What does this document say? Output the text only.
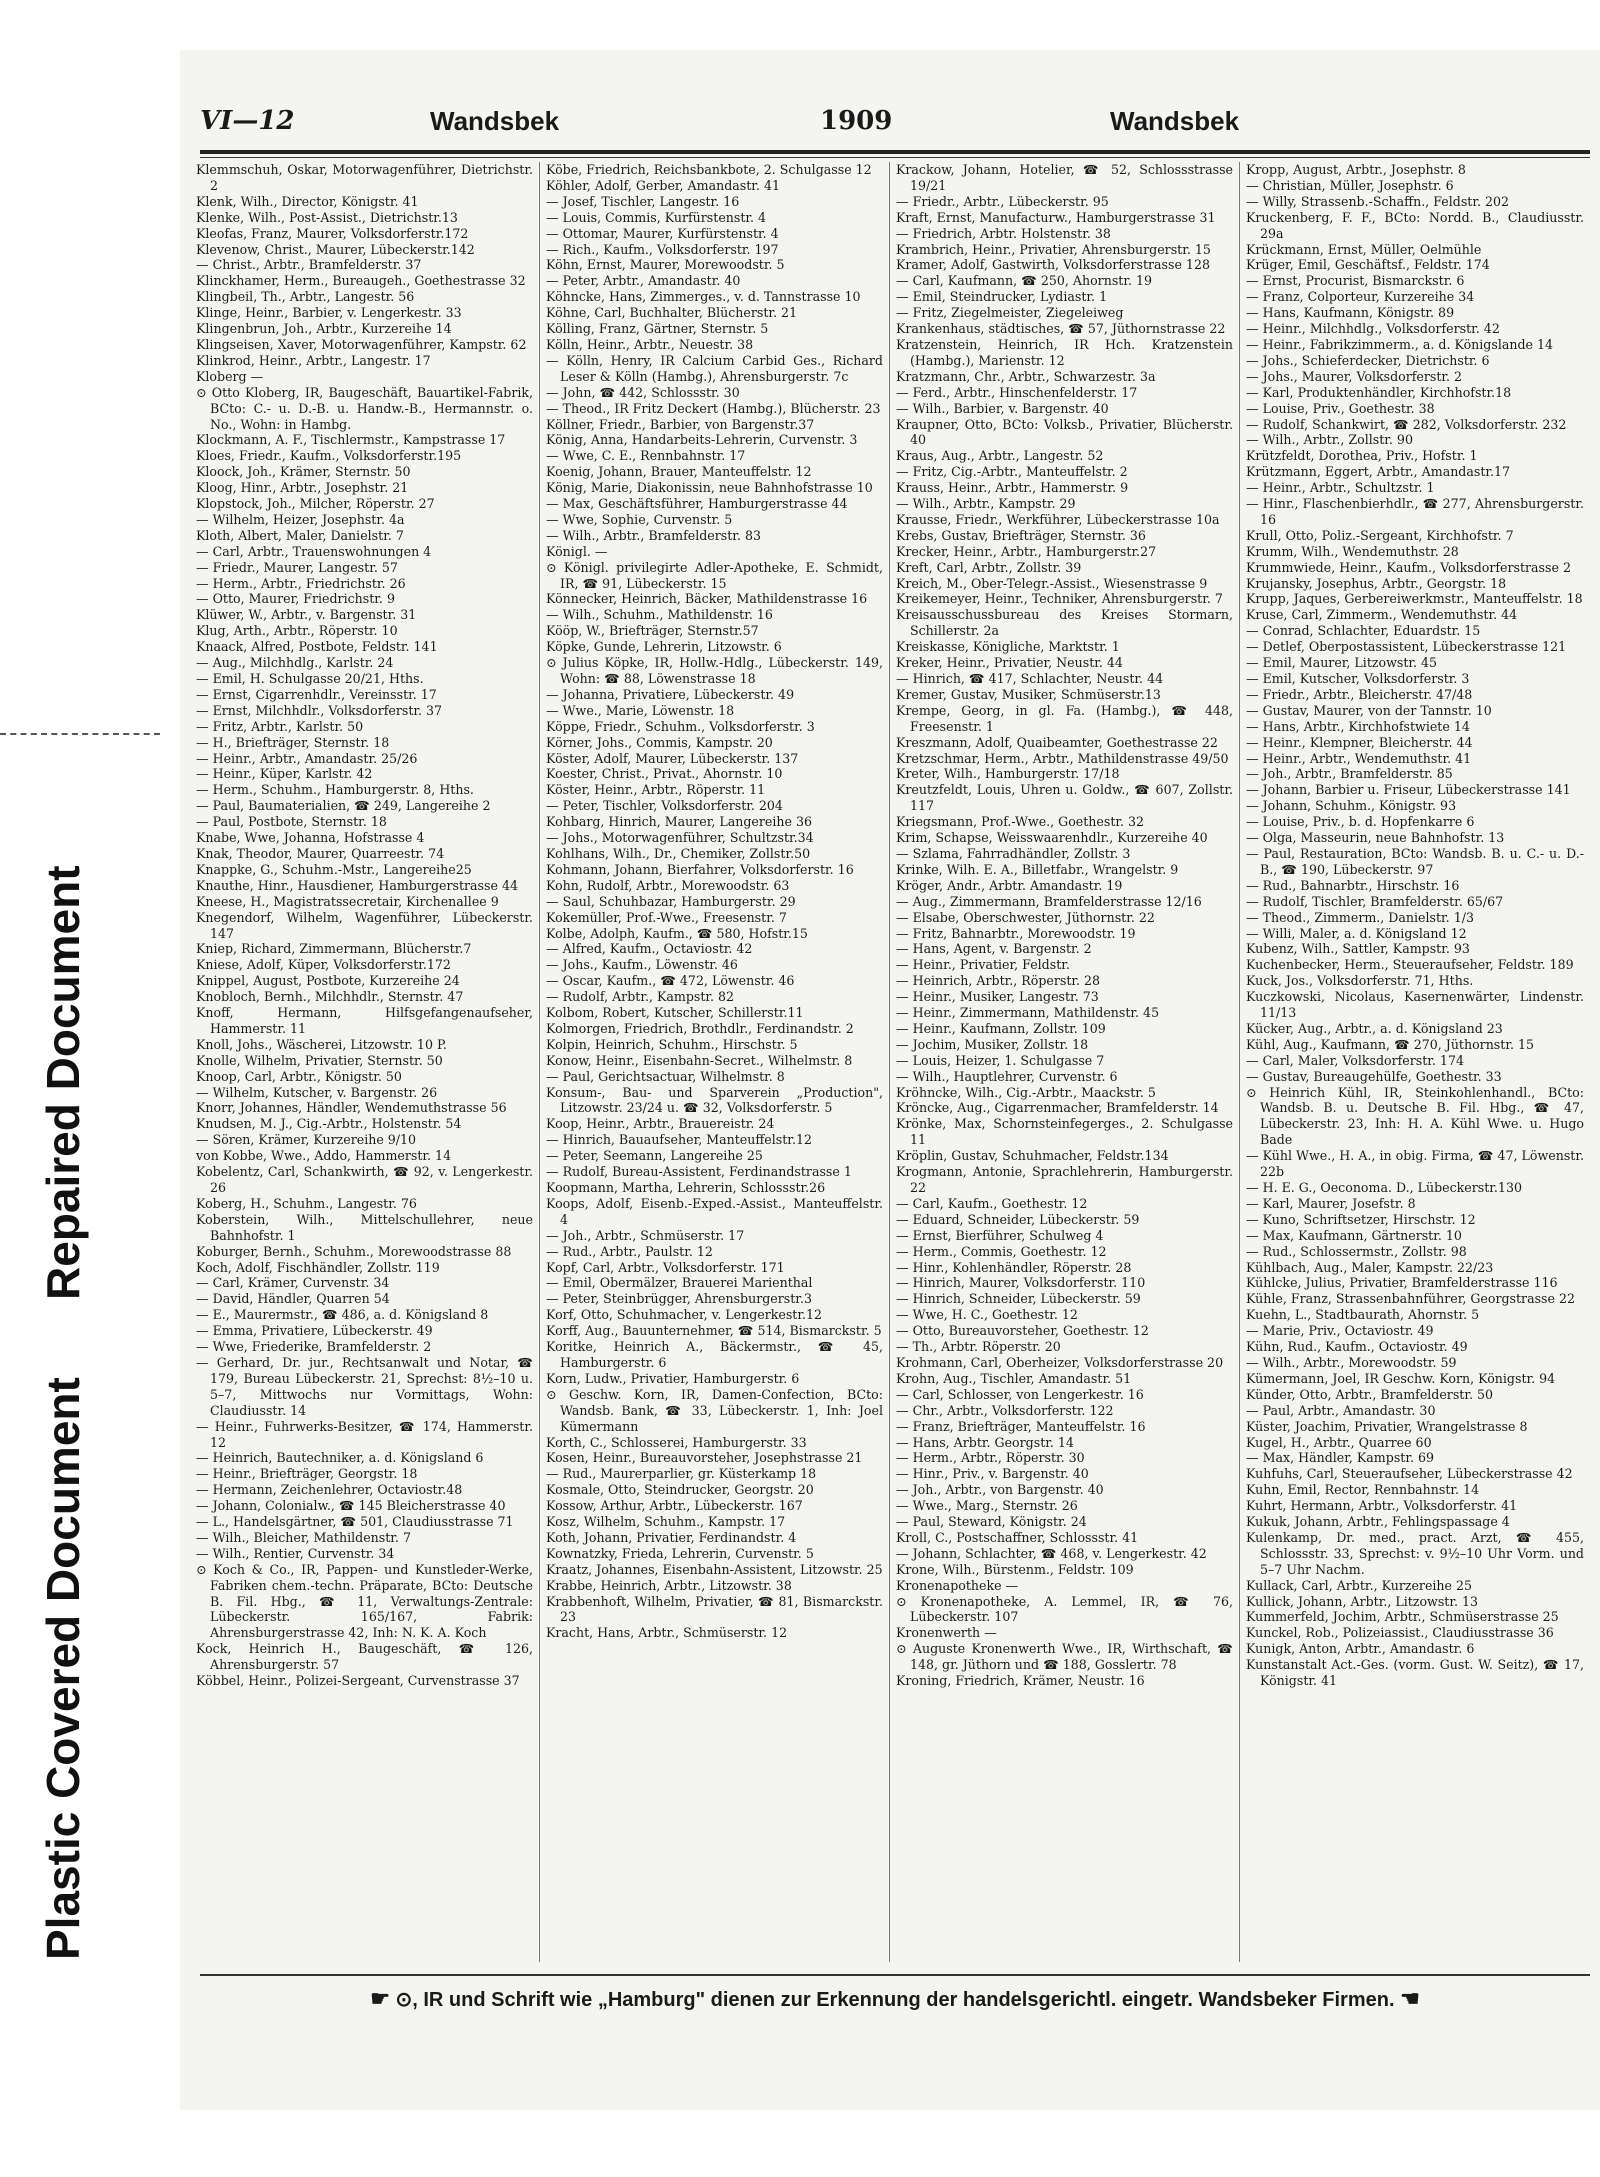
Repaired Document
Plastic Covered Document
VI—12	Wandsbek	1909	Wandsbek

Klemmschuh, Oskar, Motorwagenführer, Dietrichstr. 2

Klenk, Wilh., Director, Königstr. 41

Klenke, Wilh., Post-Assist., Dietrichstr.13

Kleofas, Franz, Maurer, Volksdorferstr.172

Klevenow, Christ., Maurer, Lübeckerstr.142

— Christ., Arbtr., Bramfelderstr. 37

Klinckhamer, Herm., Bureaugeh., Goethestrasse 32

Klingbeil, Th., Arbtr., Langestr. 56

Klinge, Heinr., Barbier, v. Lengerkestr. 33

Klingenbrun, Joh., Arbtr., Kurzereihe 14

Klingseisen, Xaver, Motorwagenführer, Kampstr. 62

Klinkrod, Heinr., Arbtr., Langestr. 17

Kloberg —

⊙ Otto Kloberg, IR, Baugeschäft, Bauartikel-Fabrik, BCto: C.- u. D.-B. u. Handw.-B., Hermannstr. o. No., Wohn: in Hambg.

Klockmann, A. F., Tischlermstr., Kampstrasse 17

Kloes, Friedr., Kaufm., Volksdorferstr.195

Kloock, Joh., Krämer, Sternstr. 50

Kloog, Hinr., Arbtr., Josephstr. 21

Klopstock, Joh., Milcher, Röperstr. 27

— Wilhelm, Heizer, Josephstr. 4a

Kloth, Albert, Maler, Danielstr. 7

— Carl, Arbtr., Trauenswohnungen 4

— Friedr., Maurer, Langestr. 57

— Herm., Arbtr., Friedrichstr. 26

— Otto, Maurer, Friedrichstr. 9

Klüwer, W., Arbtr., v. Bargenstr. 31

Klug, Arth., Arbtr., Röperstr. 10

Knaack, Alfred, Postbote, Feldstr. 141

— Aug., Milchhdlg., Karlstr. 24

— Emil, H. Schulgasse 20/21, Hths.

— Ernst, Cigarrenhdlr., Vereinsstr. 17

— Ernst, Milchhdlr., Volksdorferstr. 37

— Fritz, Arbtr., Karlstr. 50

— H., Briefträger, Sternstr. 18

— Heinr., Arbtr., Amandastr. 25/26

— Heinr., Küper, Karlstr. 42

— Herm., Schuhm., Hamburgerstr. 8, Hths.

— Paul, Baumaterialien, ☎ 249, Langereihe 2

— Paul, Postbote, Sternstr. 18

Knabe, Wwe, Johanna, Hofstrasse 4

Knak, Theodor, Maurer, Quarreestr. 74

Knappke, G., Schuhm.-Mstr., Langereihe25

Knauthe, Hinr., Hausdiener, Hamburgerstrasse 44

Kneese, H., Magistratssecretair, Kirchenallee 9

Knegendorf, Wilhelm, Wagenführer, Lübeckerstr. 147

Kniep, Richard, Zimmermann, Blücherstr.7

Kniese, Adolf, Küper, Volksdorferstr.172

Knippel, August, Postbote, Kurzereihe 24

Knobloch, Bernh., Milchhdlr., Sternstr. 47

Knoff, Hermann, Hilfsgefangenaufseher, Hammerstr. 11

Knoll, Johs., Wäscherei, Litzowstr. 10 P.

Knolle, Wilhelm, Privatier, Sternstr. 50

Knoop, Carl, Arbtr., Königstr. 50

— Wilhelm, Kutscher, v. Bargenstr. 26

Knorr, Johannes, Händler, Wendemuthstrasse 56

Knudsen, M. J., Cig.-Arbtr., Holstenstr. 54

— Sören, Krämer, Kurzereihe 9/10

von Kobbe, Wwe., Addo, Hammerstr. 14

Kobelentz, Carl, Schankwirth, ☎ 92, v. Lengerkestr. 26

Koberg, H., Schuhm., Langestr. 76

Koberstein, Wilh., Mittelschullehrer, neue Bahnhofstr. 1

Koburger, Bernh., Schuhm., Morewoodstrasse 88

Koch, Adolf, Fischhändler, Zollstr. 119

— Carl, Krämer, Curvenstr. 34

— David, Händler, Quarren 54

— E., Maurermstr., ☎ 486, a. d. Königsland 8

— Emma, Privatiere, Lübeckerstr. 49

— Wwe, Friederike, Bramfelderstr. 2

— Gerhard, Dr. jur., Rechtsanwalt und Notar, ☎ 179, Bureau Lübeckerstr. 21, Sprechst: 8½–10 u. 5–7, Mittwochs nur Vormittags, Wohn: Claudiusstr. 14

— Heinr., Fuhrwerks-Besitzer, ☎ 174, Hammerstr. 12

— Heinrich, Bautechniker, a. d. Königsland 6

— Heinr., Briefträger, Georgstr. 18

— Hermann, Zeichenlehrer, Octaviostr.48

— Johann, Colonialw., ☎ 145 Bleicherstrasse 40

— L., Handelsgärtner, ☎ 501, Claudiusstrasse 71

— Wilh., Bleicher, Mathildenstr. 7

— Wilh., Rentier, Curvenstr. 34

⊙ Koch & Co., IR, Pappen- und Kunstleder-Werke, Fabriken chem.-techn. Präparate, BCto: Deutsche B. Fil. Hbg., ☎ 11, Verwaltungs-Zentrale: Lübeckerstr. 165/167, Fabrik: Ahrensburgerstrasse 42, Inh: N. K. A. Koch

Kock, Heinrich H., Baugeschäft, ☎ 126, Ahrensburgerstr. 57

Köbbel, Heinr., Polizei-Sergeant, Curvenstrasse 37

Köbe, Friedrich, Reichsbankbote, 2. Schulgasse 12

Köhler, Adolf, Gerber, Amandastr. 41

— Josef, Tischler, Langestr. 16

— Louis, Commis, Kurfürstenstr. 4

— Ottomar, Maurer, Kurfürstenstr. 4

— Rich., Kaufm., Volksdorferstr. 197

Köhn, Ernst, Maurer, Morewoodstr. 5

— Peter, Arbtr., Amandastr. 40

Köhncke, Hans, Zimmerges., v. d. Tannstrasse 10

Köhne, Carl, Buchhalter, Blücherstr. 21

Kölling, Franz, Gärtner, Sternstr. 5

Kölln, Heinr., Arbtr., Neuestr. 38

— Kölln, Henry, IR Calcium Carbid Ges., Richard Leser & Kölln (Hambg.), Ahrensburgerstr. 7c

— John, ☎ 442, Schlossstr. 30

— Theod., IR Fritz Deckert (Hambg.), Blücherstr. 23

Köllner, Friedr., Barbier, von Bargenstr.37

König, Anna, Handarbeits-Lehrerin, Curvenstr. 3

— Wwe, C. E., Rennbahnstr. 17

Koenig, Johann, Brauer, Manteuffelstr. 12

König, Marie, Diakonissin, neue Bahnhofstrasse 10

— Max, Geschäftsführer, Hamburgerstrasse 44

— Wwe, Sophie, Curvenstr. 5

— Wilh., Arbtr., Bramfelderstr. 83

Königl. —

⊙ Königl. privilegirte Adler-Apotheke, E. Schmidt, IR, ☎ 91, Lübeckerstr. 15

Könnecker, Heinrich, Bäcker, Mathildenstrasse 16

— Wilh., Schuhm., Mathildenstr. 16

Kööp, W., Briefträger, Sternstr.57

Köpke, Gunde, Lehrerin, Litzowstr. 6

⊙ Julius Köpke, IR, Hollw.-Hdlg., Lübeckerstr. 149, Wohn: ☎ 88, Löwenstrasse 18

— Johanna, Privatiere, Lübeckerstr. 49

— Wwe., Marie, Löwenstr. 18

Köppe, Friedr., Schuhm., Volksdorferstr. 3

Körner, Johs., Commis, Kampstr. 20

Köster, Adolf, Maurer, Lübeckerstr. 137

Koester, Christ., Privat., Ahornstr. 10

Köster, Heinr., Arbtr., Röperstr. 11

— Peter, Tischler, Volksdorferstr. 204

Kohbarg, Hinrich, Maurer, Langereihe 36

— Johs., Motorwagenführer, Schultzstr.34

Kohlhans, Wilh., Dr., Chemiker, Zollstr.50

Kohmann, Johann, Bierfahrer, Volksdorferstr. 16

Kohn, Rudolf, Arbtr., Morewoodstr. 63

— Saul, Schuhbazar, Hamburgerstr. 29

Kokemüller, Prof.-Wwe., Freesenstr. 7

Kolbe, Adolph, Kaufm., ☎ 580, Hofstr.15

— Alfred, Kaufm., Octaviostr. 42

— Johs., Kaufm., Löwenstr. 46

— Oscar, Kaufm., ☎ 472, Löwenstr. 46

— Rudolf, Arbtr., Kampstr. 82

Kolbom, Robert, Kutscher, Schillerstr.11

Kolmorgen, Friedrich, Brothdlr., Ferdinandstr. 2

Kolpin, Heinrich, Schuhm., Hirschstr. 5

Konow, Heinr., Eisenbahn-Secret., Wilhelmstr. 8

— Paul, Gerichtsactuar, Wilhelmstr. 8

Konsum-, Bau- und Sparverein „Production", Litzowstr. 23/24 u. ☎ 32, Volksdorferstr. 5

Koop, Heinr., Arbtr., Brauereistr. 24

— Hinrich, Bauaufseher, Manteuffelstr.12

— Peter, Seemann, Langereihe 25

— Rudolf, Bureau-Assistent, Ferdinandstrasse 1

Koopmann, Martha, Lehrerin, Schlossstr.26

Koops, Adolf, Eisenb.-Exped.-Assist., Manteuffelstr. 4

— Joh., Arbtr., Schmüserstr. 17

— Rud., Arbtr., Paulstr. 12

Kopf, Carl, Arbtr., Volksdorferstr. 171

— Emil, Obermälzer, Brauerei Marienthal

— Peter, Steinbrügger, Ahrensburgerstr.3

Korf, Otto, Schuhmacher, v. Lengerkestr.12

Korff, Aug., Bauunternehmer, ☎ 514, Bismarckstr. 5

Koritke, Heinrich A., Bäckermstr., ☎ 45, Hamburgerstr. 6

Korn, Ludw., Privatier, Hamburgerstr. 6

⊙ Geschw. Korn, IR, Damen-Confection, BCto: Wandsb. Bank, ☎ 33, Lübeckerstr. 1, Inh: Joel Kümermann

Korth, C., Schlosserei, Hamburgerstr. 33

Kosen, Heinr., Bureauvorsteher, Josephstrasse 21

— Rud., Maurerparlier, gr. Küsterkamp 18

Kosmale, Otto, Steindrucker, Georgstr. 20

Kossow, Arthur, Arbtr., Lübeckerstr. 167

Kosz, Wilhelm, Schuhm., Kampstr. 17

Koth, Johann, Privatier, Ferdinandstr. 4

Kownatzky, Frieda, Lehrerin, Curvenstr. 5

Kraatz, Johannes, Eisenbahn-Assistent, Litzowstr. 25

Krabbe, Heinrich, Arbtr., Litzowstr. 38

Krabbenhoft, Wilhelm, Privatier, ☎ 81, Bismarckstr. 23

Kracht, Hans, Arbtr., Schmüserstr. 12

Krackow, Johann, Hotelier, ☎ 52, Schlossstrasse 19/21

— Friedr., Arbtr., Lübeckerstr. 95

Kraft, Ernst, Manufacturw., Hamburgerstrasse 31

— Friedrich, Arbtr. Holstenstr. 38

Krambrich, Heinr., Privatier, Ahrensburgerstr. 15

Kramer, Adolf, Gastwirth, Volksdorferstrasse 128

— Carl, Kaufmann, ☎ 250, Ahornstr. 19

— Emil, Steindrucker, Lydiastr. 1

— Fritz, Ziegelmeister, Ziegeleiweg

Krankenhaus, städtisches, ☎ 57, Jüthornstrasse 22

Kratzenstein, Heinrich, IR Hch. Kratzenstein (Hambg.), Marienstr. 12

Kratzmann, Chr., Arbtr., Schwarzestr. 3a

— Ferd., Arbtr., Hinschenfelderstr. 17

— Wilh., Barbier, v. Bargenstr. 40

Kraupner, Otto, BCto: Volksb., Privatier, Blücherstr. 40

Kraus, Aug., Arbtr., Langestr. 52

— Fritz, Cig.-Arbtr., Manteuffelstr. 2

Krauss, Heinr., Arbtr., Hammerstr. 9

— Wilh., Arbtr., Kampstr. 29

Krausse, Friedr., Werkführer, Lübeckerstrasse 10a

Krebs, Gustav, Briefträger, Sternstr. 36

Krecker, Heinr., Arbtr., Hamburgerstr.27

Kreft, Carl, Arbtr., Zollstr. 39

Kreich, M., Ober-Telegr.-Assist., Wiesenstrasse 9

Kreikemeyer, Heinr., Techniker, Ahrensburgerstr. 7

Kreisausschussbureau des Kreises Stormarn, Schillerstr. 2a

Kreiskasse, Königliche, Marktstr. 1

Kreker, Heinr., Privatier, Neustr. 44

— Hinrich, ☎ 417, Schlachter, Neustr. 44

Kremer, Gustav, Musiker, Schmüserstr.13

Krempe, Georg, in gl. Fa. (Hambg.), ☎ 448, Freesenstr. 1

Kreszmann, Adolf, Quaibeamter, Goethestrasse 22

Kretzschmar, Herm., Arbtr., Mathildenstrasse 49/50

Kreter, Wilh., Hamburgerstr. 17/18

Kreutzfeldt, Louis, Uhren u. Goldw., ☎ 607, Zollstr. 117

Kriegsmann, Prof.-Wwe., Goethestr. 32

Krim, Schapse, Weisswaarenhdlr., Kurzereihe 40

— Szlama, Fahrradhändler, Zollstr. 3

Krinke, Wilh. E. A., Billetfabr., Wrangelstr. 9

Kröger, Andr., Arbtr. Amandastr. 19

— Aug., Zimmermann, Bramfelderstrasse 12/16

— Elsabe, Oberschwester, Jüthornstr. 22

— Fritz, Bahnarbtr., Morewoodstr. 19

— Hans, Agent, v. Bargenstr. 2

— Heinr., Privatier, Feldstr.

— Heinrich, Arbtr., Röperstr. 28

— Heinr., Musiker, Langestr. 73

— Heinr., Zimmermann, Mathildenstr. 45

— Heinr., Kaufmann, Zollstr. 109

— Jochim, Musiker, Zollstr. 18

— Louis, Heizer, 1. Schulgasse 7

— Wilh., Hauptlehrer, Curvenstr. 6

Kröhncke, Wilh., Cig.-Arbtr., Maackstr. 5

Kröncke, Aug., Cigarrenmacher, Bramfelderstr. 14

Krönke, Max, Schornsteinfegerges., 2. Schulgasse 11

Kröplin, Gustav, Schuhmacher, Feldstr.134

Krogmann, Antonie, Sprachlehrerin, Hamburgerstr. 22

— Carl, Kaufm., Goethestr. 12

— Eduard, Schneider, Lübeckerstr. 59

— Ernst, Bierführer, Schulweg 4

— Herm., Commis, Goethestr. 12

— Hinr., Kohlenhändler, Röperstr. 28

— Hinrich, Maurer, Volksdorferstr. 110

— Hinrich, Schneider, Lübeckerstr. 59

— Wwe, H. C., Goethestr. 12

— Otto, Bureauvorsteher, Goethestr. 12

— Th., Arbtr. Röperstr. 20

Krohmann, Carl, Oberheizer, Volksdorferstrasse 20

Krohn, Aug., Tischler, Amandastr. 51

— Carl, Schlosser, von Lengerkestr. 16

— Chr., Arbtr., Volksdorferstr. 122

— Franz, Briefträger, Manteuffelstr. 16

— Hans, Arbtr. Georgstr. 14

— Herm., Arbtr., Röperstr. 30

— Hinr., Priv., v. Bargenstr. 40

— Joh., Arbtr., von Bargenstr. 40

— Wwe., Marg., Sternstr. 26

— Paul, Steward, Königstr. 24

Kroll, C., Postschaffner, Schlossstr. 41

— Johann, Schlachter, ☎ 468, v. Lengerkestr. 42

Krone, Wilh., Bürstenm., Feldstr. 109

Kronenapotheke —

⊙ Kronenapotheke, A. Lemmel, IR, ☎ 76, Lübeckerstr. 107

Kronenwerth —

⊙ Auguste Kronenwerth Wwe., IR, Wirthschaft, ☎ 148, gr. Jüthorn und ☎ 188, Gosslertr. 78

Kroning, Friedrich, Krämer, Neustr. 16

Kropp, August, Arbtr., Josephstr. 8

— Christian, Müller, Josephstr. 6

— Willy, Strassenb.-Schaffn., Feldstr. 202

Kruckenberg, F. F., BCto: Nordd. B., Claudiusstr. 29a

Krückmann, Ernst, Müller, Oelmühle

Krüger, Emil, Geschäftsf., Feldstr. 174

— Ernst, Procurist, Bismarckstr. 6

— Franz, Colporteur, Kurzereihe 34

— Hans, Kaufmann, Königstr. 89

— Heinr., Milchhdlg., Volksdorferstr. 42

— Heinr., Fabrikzimmerm., a. d. Königslande 14

— Johs., Schieferdecker, Dietrichstr. 6

— Johs., Maurer, Volksdorferstr. 2

— Karl, Produktenhändler, Kirchhofstr.18

— Louise, Priv., Goethestr. 38

— Rudolf, Schankwirt, ☎ 282, Volksdorferstr. 232

— Wilh., Arbtr., Zollstr. 90

Krützfeldt, Dorothea, Priv., Hofstr. 1

Krützmann, Eggert, Arbtr., Amandastr.17

— Heinr., Arbtr., Schultzstr. 1

— Hinr., Flaschenbierhdlr., ☎ 277, Ahrensburgerstr. 16

Krull, Otto, Poliz.-Sergeant, Kirchhofstr. 7

Krumm, Wilh., Wendemuthstr. 28

Krummwiede, Heinr., Kaufm., Volksdorferstrasse 2

Krujansky, Josephus, Arbtr., Georgstr. 18

Krupp, Jaques, Gerbereiwerkmstr., Manteuffelstr. 18

Kruse, Carl, Zimmerm., Wendemuthstr. 44

— Conrad, Schlachter, Eduardstr. 15

— Detlef, Oberpostassistent, Lübeckerstrasse 121

— Emil, Maurer, Litzowstr. 45

— Emil, Kutscher, Volksdorferstr. 3

— Friedr., Arbtr., Bleicherstr. 47/48

— Gustav, Maurer, von der Tannstr. 10

— Hans, Arbtr., Kirchhofstwiete 14

— Heinr., Klempner, Bleicherstr. 44

— Heinr., Arbtr., Wendemuthstr. 41

— Joh., Arbtr., Bramfelderstr. 85

— Johann, Barbier u. Friseur, Lübeckerstrasse 141

— Johann, Schuhm., Königstr. 93

— Louise, Priv., b. d. Hopfenkarre 6

— Olga, Masseurin, neue Bahnhofstr. 13

— Paul, Restauration, BCto: Wandsb. B. u. C.- u. D.-B., ☎ 190, Lübeckerstr. 97

— Rud., Bahnarbtr., Hirschstr. 16

— Rudolf, Tischler, Bramfelderstr. 65/67

— Theod., Zimmerm., Danielstr. 1/3

— Willi, Maler, a. d. Königsland 12

Kubenz, Wilh., Sattler, Kampstr. 93

Kuchenbecker, Herm., Steueraufseher, Feldstr. 189

Kuck, Jos., Volksdorferstr. 71, Hths.

Kuczkowski, Nicolaus, Kasernenwärter, Lindenstr. 11/13

Kücker, Aug., Arbtr., a. d. Königsland 23

Kühl, Aug., Kaufmann, ☎ 270, Jüthornstr. 15

— Carl, Maler, Volksdorferstr. 174

— Gustav, Bureaugehülfe, Goethestr. 33

⊙ Heinrich Kühl, IR, Steinkohlenhandl., BCto: Wandsb. B. u. Deutsche B. Fil. Hbg., ☎ 47, Lübeckerstr. 23, Inh: H. A. Kühl Wwe. u. Hugo Bade

— Kühl Wwe., H. A., in obig. Firma, ☎ 47, Löwenstr. 22b

— H. E. G., Oeconoma. D., Lübeckerstr.130

— Karl, Maurer, Josefstr. 8

— Kuno, Schriftsetzer, Hirschstr. 12

— Max, Kaufmann, Gärtnerstr. 10

— Rud., Schlossermstr., Zollstr. 98

Kühlbach, Aug., Maler, Kampstr. 22/23

Kühlcke, Julius, Privatier, Bramfelderstrasse 116

Kühle, Franz, Strassenbahnführer, Georgstrasse 22

Kuehn, L., Stadtbaurath, Ahornstr. 5

— Marie, Priv., Octaviostr. 49

Kühn, Rud., Kaufm., Octaviostr. 49

— Wilh., Arbtr., Morewoodstr. 59

Kümermann, Joel, IR Geschw. Korn, Königstr. 94

Künder, Otto, Arbtr., Bramfelderstr. 50

— Paul, Arbtr., Amandastr. 30

Küster, Joachim, Privatier, Wrangelstrasse 8

Kugel, H., Arbtr., Quarree 60

— Max, Händler, Kampstr. 69

Kuhfuhs, Carl, Steueraufseher, Lübeckerstrasse 42

Kuhn, Emil, Rector, Rennbahnstr. 14

Kuhrt, Hermann, Arbtr., Volksdorferstr. 41

Kukuk, Johann, Arbtr., Fehlingspassage 4

Kulenkamp, Dr. med., pract. Arzt, ☎ 455, Schlossstr. 33, Sprechst: v. 9½–10 Uhr Vorm. und 5–7 Uhr Nachm.

Kullack, Carl, Arbtr., Kurzereihe 25

Kullick, Johann, Arbtr., Litzowstr. 13

Kummerfeld, Jochim, Arbtr., Schmüserstrasse 25

Kunckel, Rob., Polizeiassist., Claudiusstrasse 36

Kunigk, Anton, Arbtr., Amandastr. 6

Kunstanstalt Act.-Ges. (vorm. Gust. W. Seitz), ☎ 17, Königstr. 41

☛ ⊙, IR und Schrift wie „Hamburg" dienen zur Erkennung der handelsgerichtl. eingetr. Wandsbeker Firmen. ☚
